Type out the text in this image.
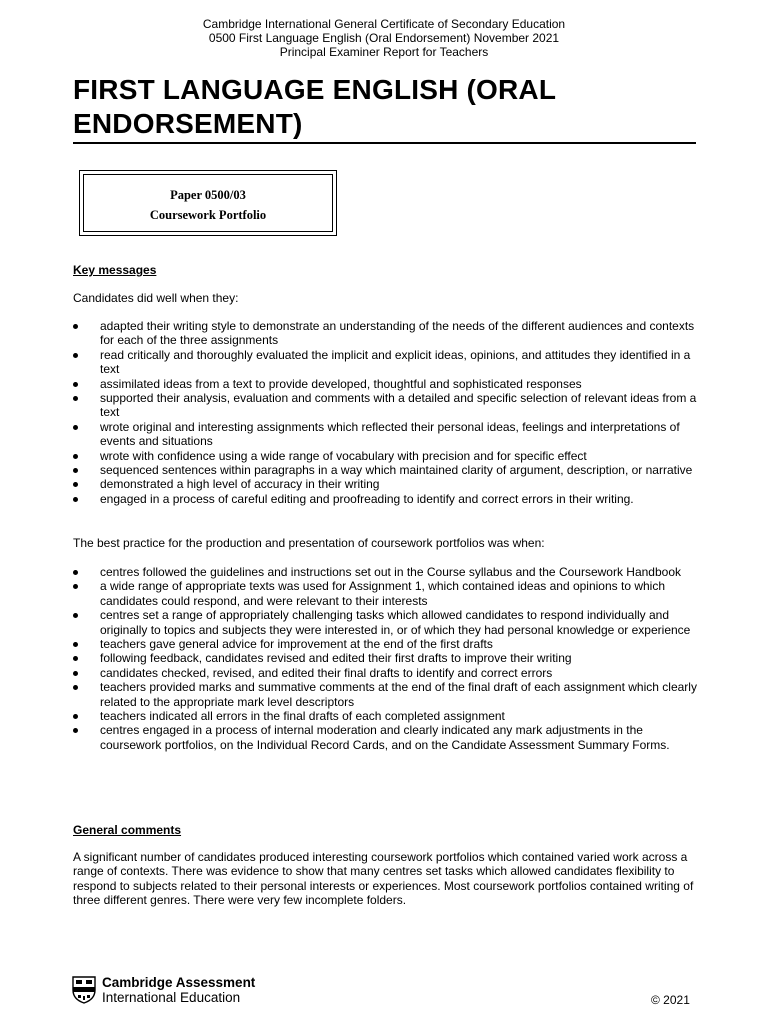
Cambridge International General Certificate of Secondary Education
0500 First Language English (Oral Endorsement) November 2021
Principal Examiner Report for Teachers
FIRST LANGUAGE ENGLISH (ORAL
ENDORSEMENT)
Paper 0500/03
Coursework Portfolio
Key messages
Candidates did well when they:
adapted their writing style to demonstrate an understanding of the needs of the different audiences and contexts for each of the three assignments
read critically and thoroughly evaluated the implicit and explicit ideas, opinions, and attitudes they identified in a text
assimilated ideas from a text to provide developed, thoughtful and sophisticated responses
supported their analysis, evaluation and comments with a detailed and specific selection of relevant ideas from a text
wrote original and interesting assignments which reflected their personal ideas, feelings and interpretations of events and situations
wrote with confidence using a wide range of vocabulary with precision and for specific effect
sequenced sentences within paragraphs in a way which maintained clarity of argument, description, or narrative
demonstrated a high level of accuracy in their writing
engaged in a process of careful editing and proofreading to identify and correct errors in their writing.
The best practice for the production and presentation of coursework portfolios was when:
centres followed the guidelines and instructions set out in the Course syllabus and the Coursework Handbook
a wide range of appropriate texts was used for Assignment 1, which contained ideas and opinions to which candidates could respond, and were relevant to their interests
centres set a range of appropriately challenging tasks which allowed candidates to respond individually and originally to topics and subjects they were interested in, or of which they had personal knowledge or experience
teachers gave general advice for improvement at the end of the first drafts
following feedback, candidates revised and edited their first drafts to improve their writing
candidates checked, revised, and edited their final drafts to identify and correct errors
teachers provided marks and summative comments at the end of the final draft of each assignment which clearly related to the appropriate mark level descriptors
teachers indicated all errors in the final drafts of each completed assignment
centres engaged in a process of internal moderation and clearly indicated any mark adjustments in the coursework portfolios, on the Individual Record Cards, and on the Candidate Assessment Summary Forms.
General comments
A significant number of candidates produced interesting coursework portfolios which contained varied work across a range of contexts. There was evidence to show that many centres set tasks which allowed candidates flexibility to respond to subjects related to their personal interests or experiences. Most coursework portfolios contained writing of three different genres. There were very few incomplete folders.
Cambridge Assessment
International Education	© 2021
